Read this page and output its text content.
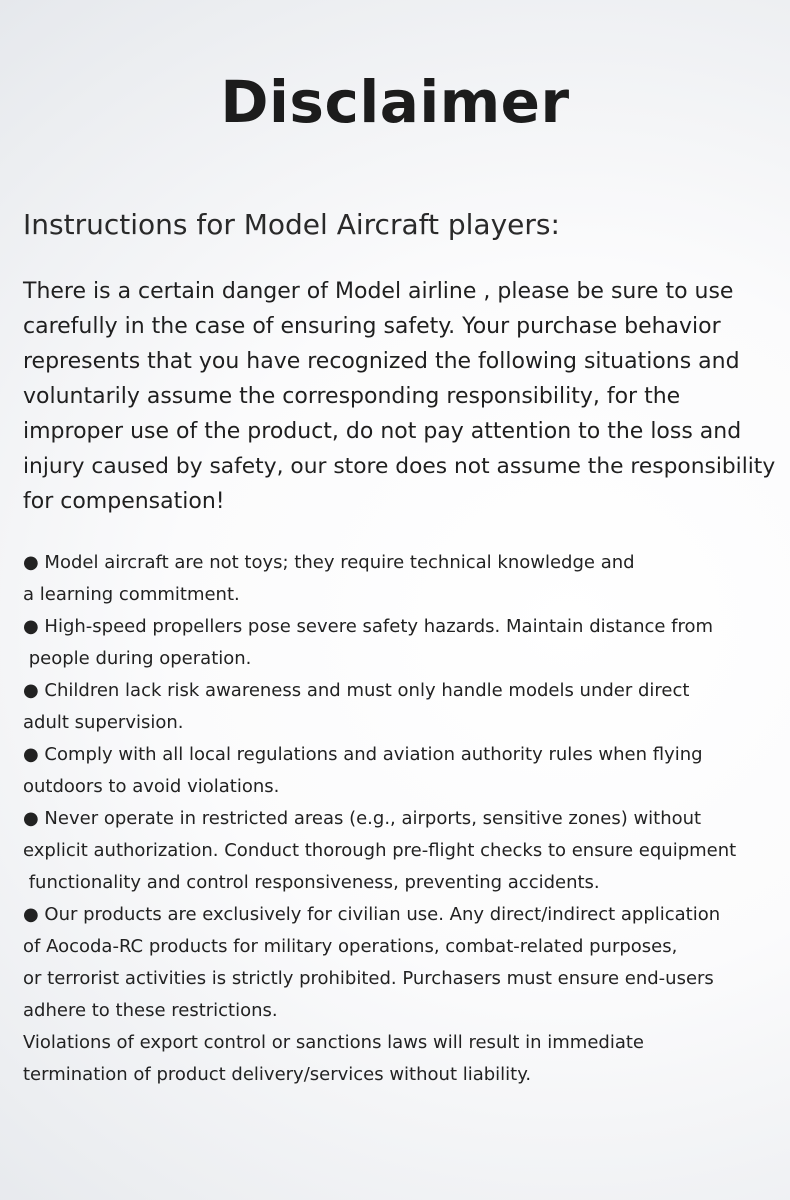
Disclaimer
Instructions for Model Aircraft players:
There is a certain danger of Model airline , please be sure to use
carefully in the case of ensuring safety. Your purchase behavior
represents that you have recognized the following situations and
voluntarily assume the corresponding responsibility, for the
improper use of the product, do not pay attention to the loss and
injury caused by safety, our store does not assume the responsibility
for compensation!
● Model aircraft are not toys; they require technical knowledge and
a learning commitment.
● High-speed propellers pose severe safety hazards. Maintain distance from
people during operation.
● Children lack risk awareness and must only handle models under direct
adult supervision.
● Comply with all local regulations and aviation authority rules when flying
outdoors to avoid violations.
● Never operate in restricted areas (e.g., airports, sensitive zones) without
explicit authorization. Conduct thorough pre-flight checks to ensure equipment
functionality and control responsiveness, preventing accidents.
● Our products are exclusively for civilian use. Any direct/indirect application
of Aocoda-RC products for military operations, combat-related purposes,
or terrorist activities is strictly prohibited. Purchasers must ensure end-users
adhere to these restrictions.
Violations of export control or sanctions laws will result in immediate
termination of product delivery/services without liability.
